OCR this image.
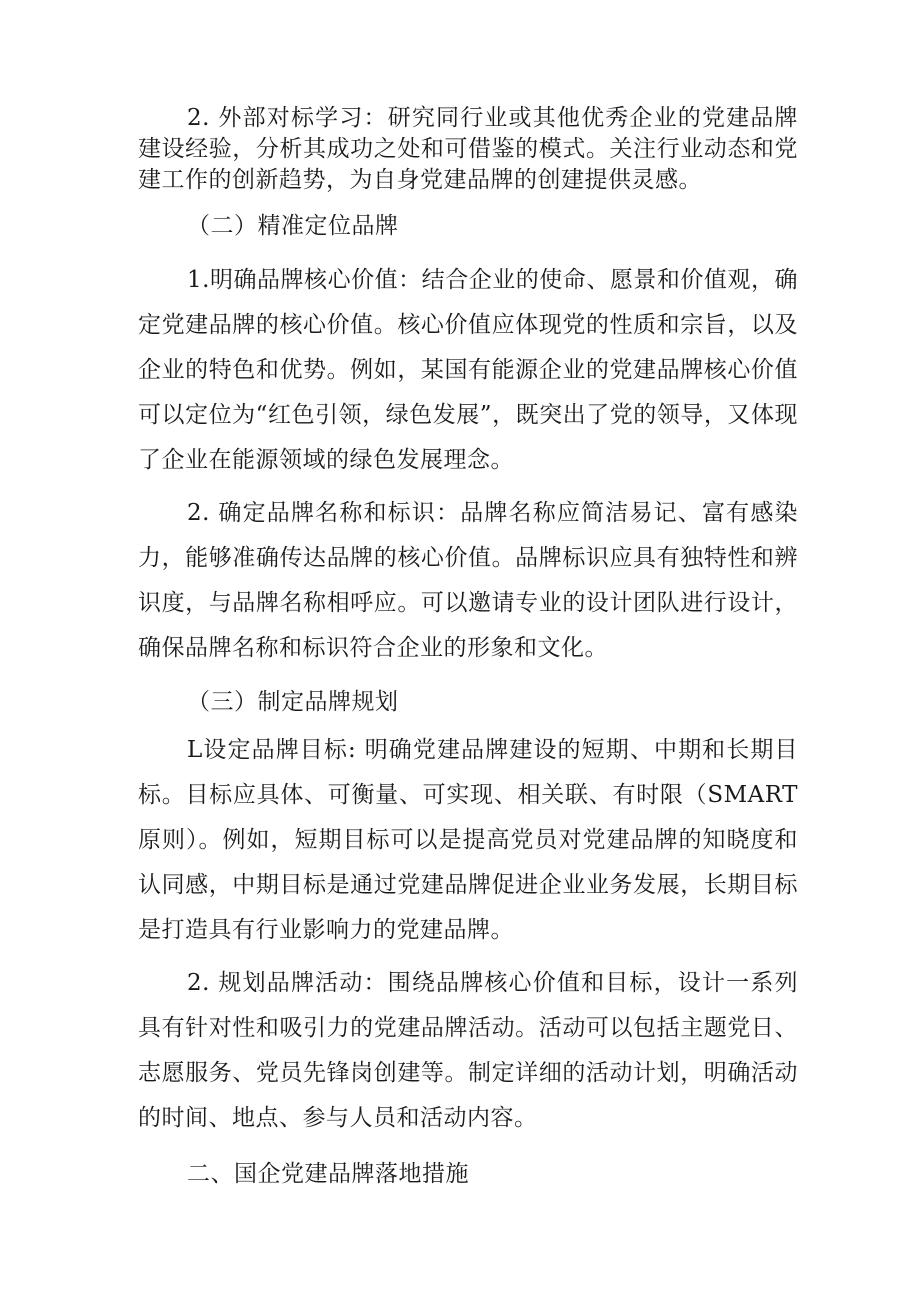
2. 外部对标学习：研究同行业或其他优秀企业的党建品牌建设经验，分析其成功之处和可借鉴的模式。关注行业动态和党建工作的创新趋势，为自身党建品牌的创建提供灵感。

（二）精准定位品牌

1.明确品牌核心价值：结合企业的使命、愿景和价值观，确定党建品牌的核心价值。核心价值应体现党的性质和宗旨，以及企业的特色和优势。例如，某国有能源企业的党建品牌核心价值可以定位为“红色引领，绿色发展”，既突出了党的领导，又体现了企业在能源领域的绿色发展理念。

2. 确定品牌名称和标识：品牌名称应简洁易记、富有感染力，能够准确传达品牌的核心价值。品牌标识应具有独特性和辨识度，与品牌名称相呼应。可以邀请专业的设计团队进行设计，确保品牌名称和标识符合企业的形象和文化。

（三）制定品牌规划

L设定品牌目标: 明确党建品牌建设的短期、中期和长期目标。目标应具体、可衡量、可实现、相关联、有时限（SMART原则）。例如，短期目标可以是提高党员对党建品牌的知晓度和认同感，中期目标是通过党建品牌促进企业业务发展，长期目标是打造具有行业影响力的党建品牌。

2. 规划品牌活动：围绕品牌核心价值和目标，设计一系列具有针对性和吸引力的党建品牌活动。活动可以包括主题党日、志愿服务、党员先锋岗创建等。制定详细的活动计划，明确活动的时间、地点、参与人员和活动内容。

二、国企党建品牌落地措施
